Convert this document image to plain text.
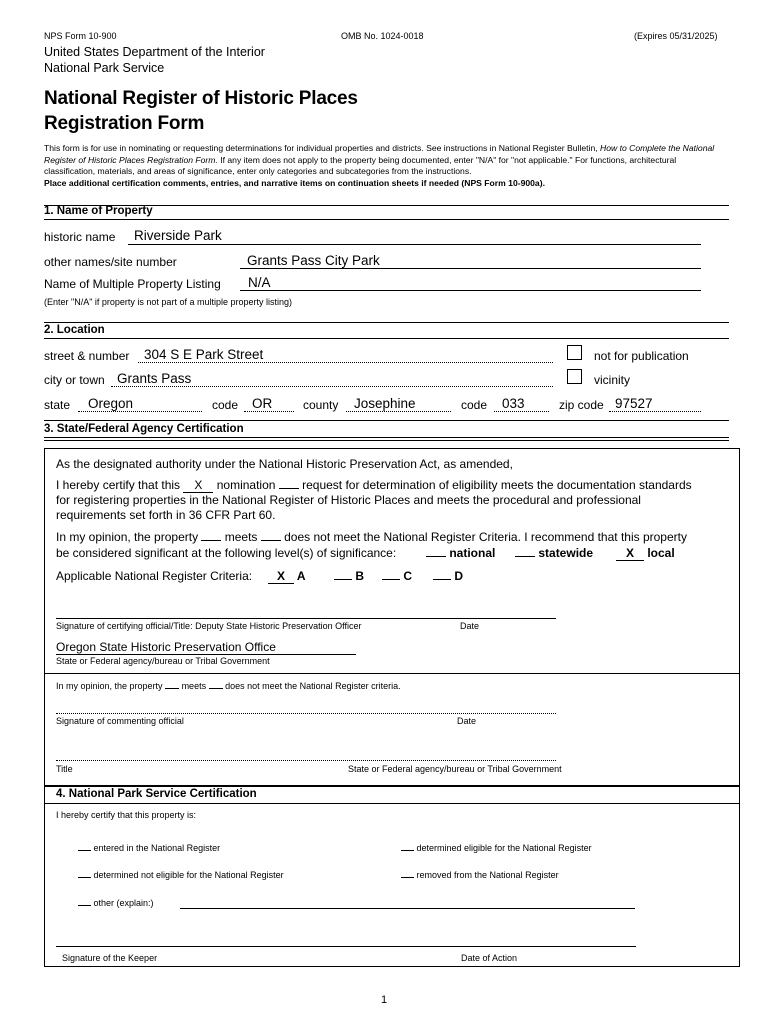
NPS Form 10-900	OMB No. 1024-0018	(Expires 05/31/2025)
United States Department of the Interior
National Park Service
National Register of Historic Places
Registration Form
This form is for use in nominating or requesting determinations for individual properties and districts. See instructions in National Register Bulletin, How to Complete the National Register of Historic Places Registration Form. If any item does not apply to the property being documented, enter "N/A" for "not applicable." For functions, architectural classification, materials, and areas of significance, enter only categories and subcategories from the instructions.
Place additional certification comments, entries, and narrative items on continuation sheets if needed (NPS Form 10-900a).
1. Name of Property
historic name Riverside Park
other names/site number	Grants Pass City Park
Name of Multiple Property Listing N/A
(Enter "N/A" if property is not part of a multiple property listing)
2. Location
street & number 304 S E Park Street	not for publication
city or town Grants Pass	vicinity
state Oregon	code OR	county Josephine	code 033	zip code 97527
3. State/Federal Agency Certification
As the designated authority under the National Historic Preservation Act, as amended,
I hereby certify that this X nomination  request for determination of eligibility meets the documentation standards
for registering properties in the National Register of Historic Places and meets the procedural and professional
requirements set forth in 36 CFR Part 60.
In my opinion, the property  meets  does not meet the National Register Criteria. I recommend that this property
be considered significant at the following level(s) of significance:	national	statewide	X local
Applicable National Register Criteria:	X A	B	C	D
Signature of certifying official/Title: Deputy State Historic Preservation Officer	Date
Oregon State Historic Preservation Office
State or Federal agency/bureau or Tribal Government
In my opinion, the property  meets  does not meet the National Register criteria.
Signature of commenting official	Date
Title	State or Federal agency/bureau or Tribal Government
4. National Park Service Certification
I hereby certify that this property is:
entered in the National Register	determined eligible for the National Register
determined not eligible for the National Register	removed from the National Register
other (explain:)
Signature of the Keeper	Date of Action
1
